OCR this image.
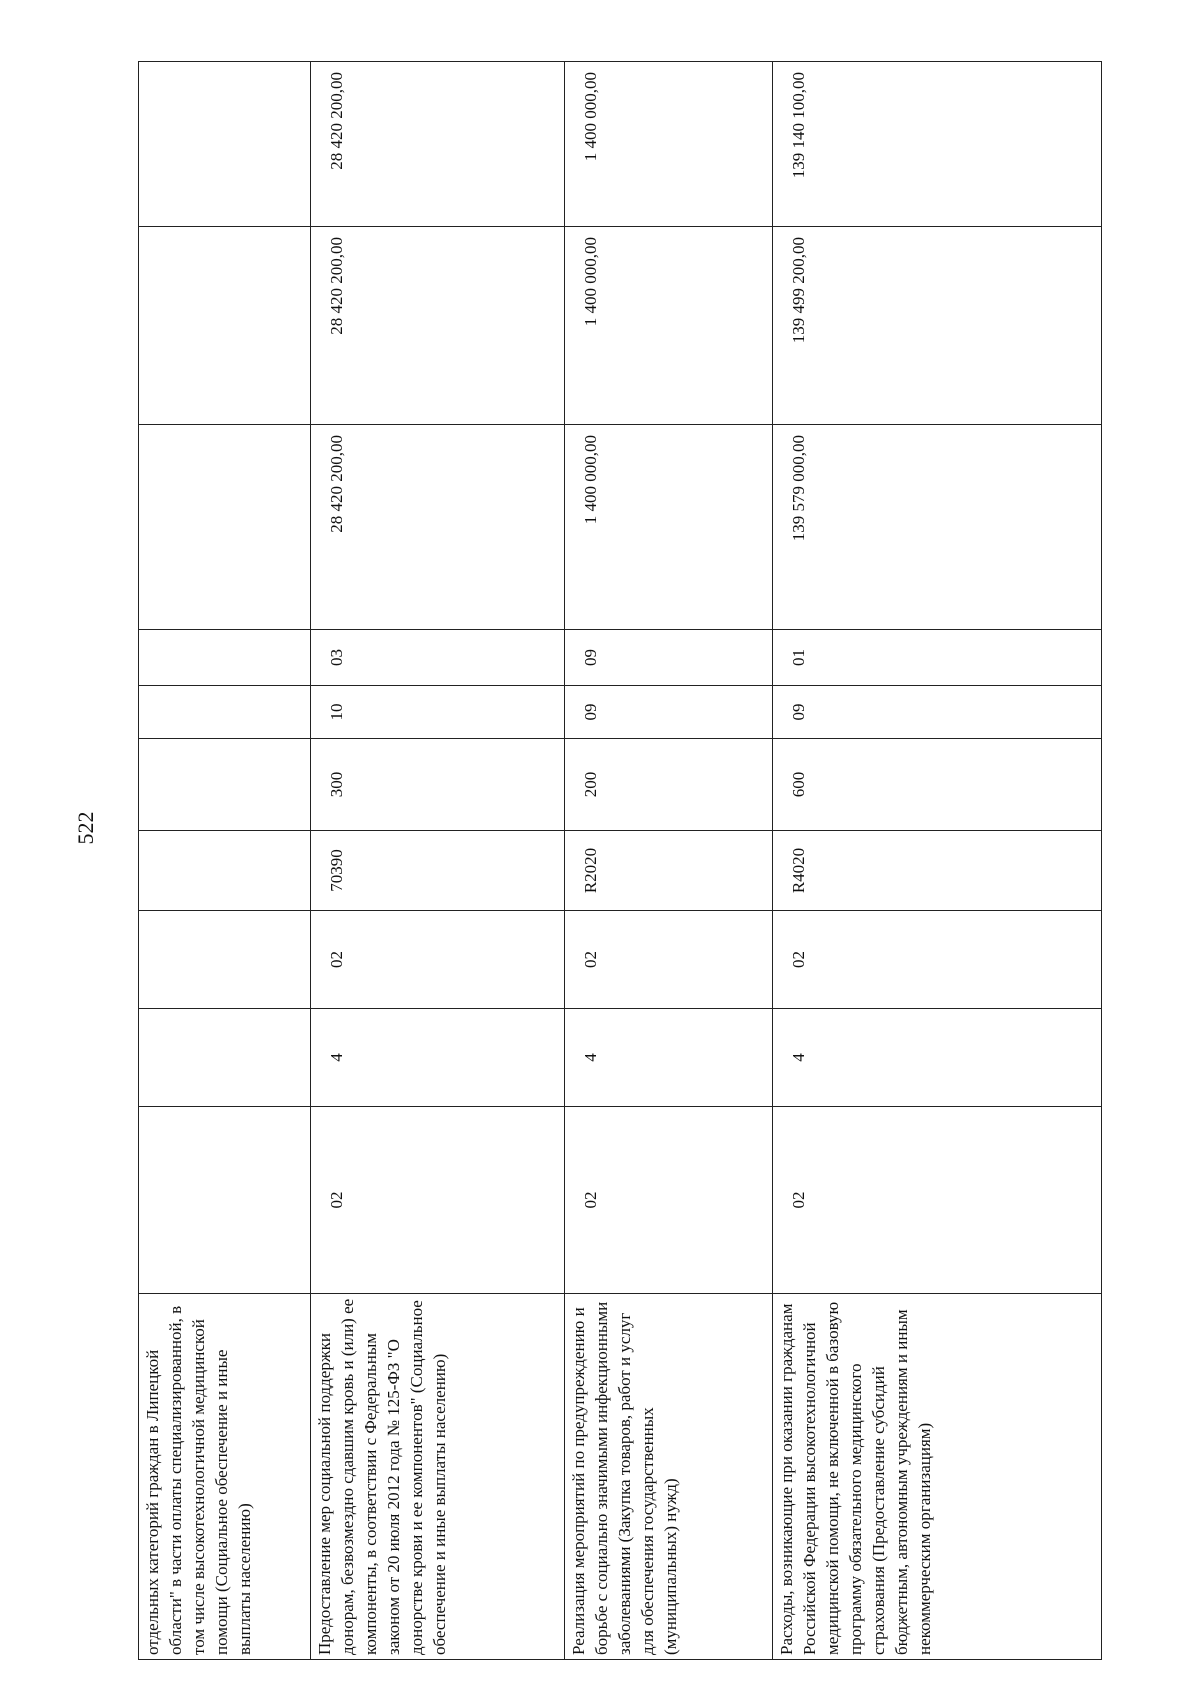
522
отдельных категорий граждан в Липецкой области" в части оплаты специализированной, в том числе высокотехнологичной медицинской помощи (Социальное обеспечение и иные выплаты населению)										
Предоставление мер социальной поддержки донорам, безвозмездно сдавшим кровь и (или) ее компоненты, в соответствии с Федеральным законом от 20 июля 2012 года № 125-ФЗ "О донорстве крови и ее компонентов" (Социальное обеспечение и иные выплаты населению)	02	4	02	70390	300	10	03	28 420 200,00	28 420 200,00	28 420 200,00
Реализация мероприятий по предупреждению и борьбе с социально значимыми инфекционными заболеваниями (Закупка товаров, работ и услуг для обеспечения государственных (муниципальных) нужд)	02	4	02	R2020	200	09	09	1 400 000,00	1 400 000,00	1 400 000,00
Расходы, возникающие при оказании гражданам Российской Федерации высокотехнологичной медицинской помощи, не включенной в базовую программу обязательного медицинского страхования (Предоставление субсидий бюджетным, автономным учреждениям и иным некоммерческим организациям)	02	4	02	R4020	600	09	01	139 579 000,00	139 499 200,00	139 140 100,00
